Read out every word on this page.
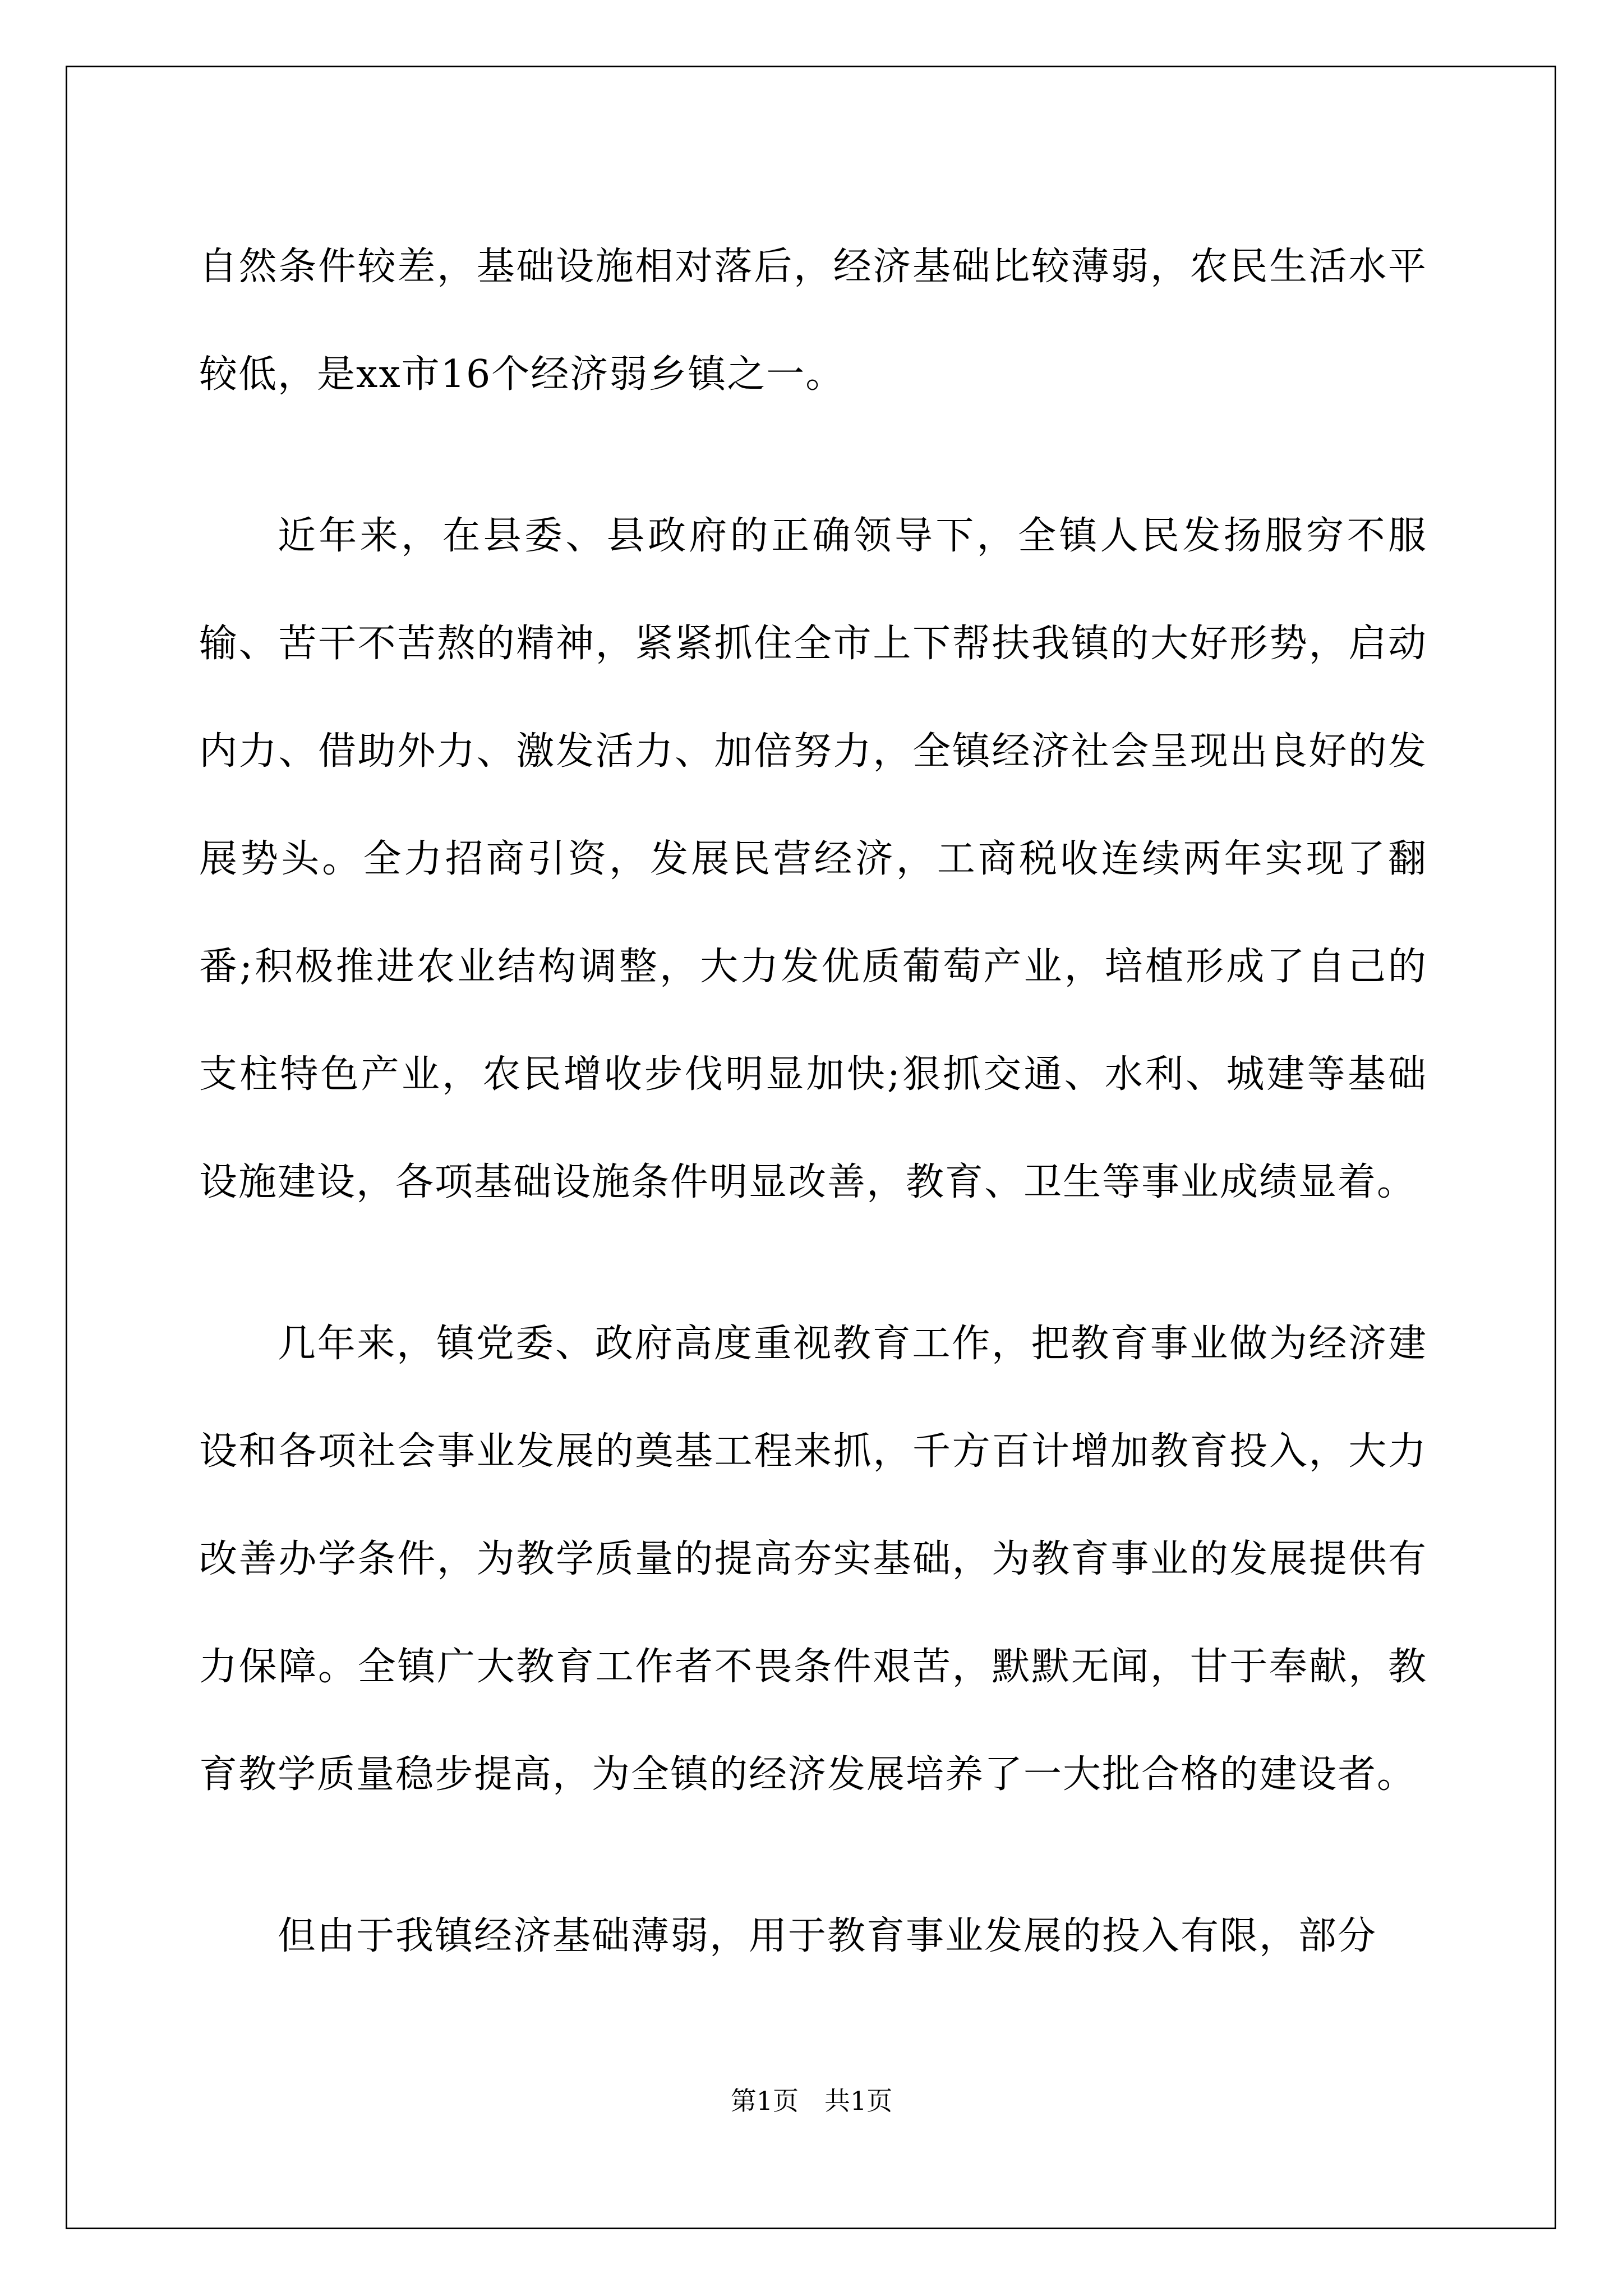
自然条件较差，基础设施相对落后，经济基础比较薄弱，农民生活水平较低，是xx市16个经济弱乡镇之一。

近年来，在县委、县政府的正确领导下，全镇人民发扬服穷不服输、苦干不苦熬的精神，紧紧抓住全市上下帮扶我镇的大好形势，启动内力、借助外力、激发活力、加倍努力，全镇经济社会呈现出良好的发展势头。全力招商引资，发展民营经济，工商税收连续两年实现了翻番;积极推进农业结构调整，大力发优质葡萄产业，培植形成了自己的支柱特色产业，农民增收步伐明显加快;狠抓交通、水利、城建等基础设施建设，各项基础设施条件明显改善，教育、卫生等事业成绩显着。

几年来，镇党委、政府高度重视教育工作，把教育事业做为经济建设和各项社会事业发展的奠基工程来抓，千方百计增加教育投入，大力改善办学条件，为教学质量的提高夯实基础，为教育事业的发展提供有力保障。全镇广大教育工作者不畏条件艰苦，默默无闻，甘于奉献，教育教学质量稳步提高，为全镇的经济发展培养了一大批合格的建设者。

但由于我镇经济基础薄弱，用于教育事业发展的投入有限，部分

第1页 共1页
